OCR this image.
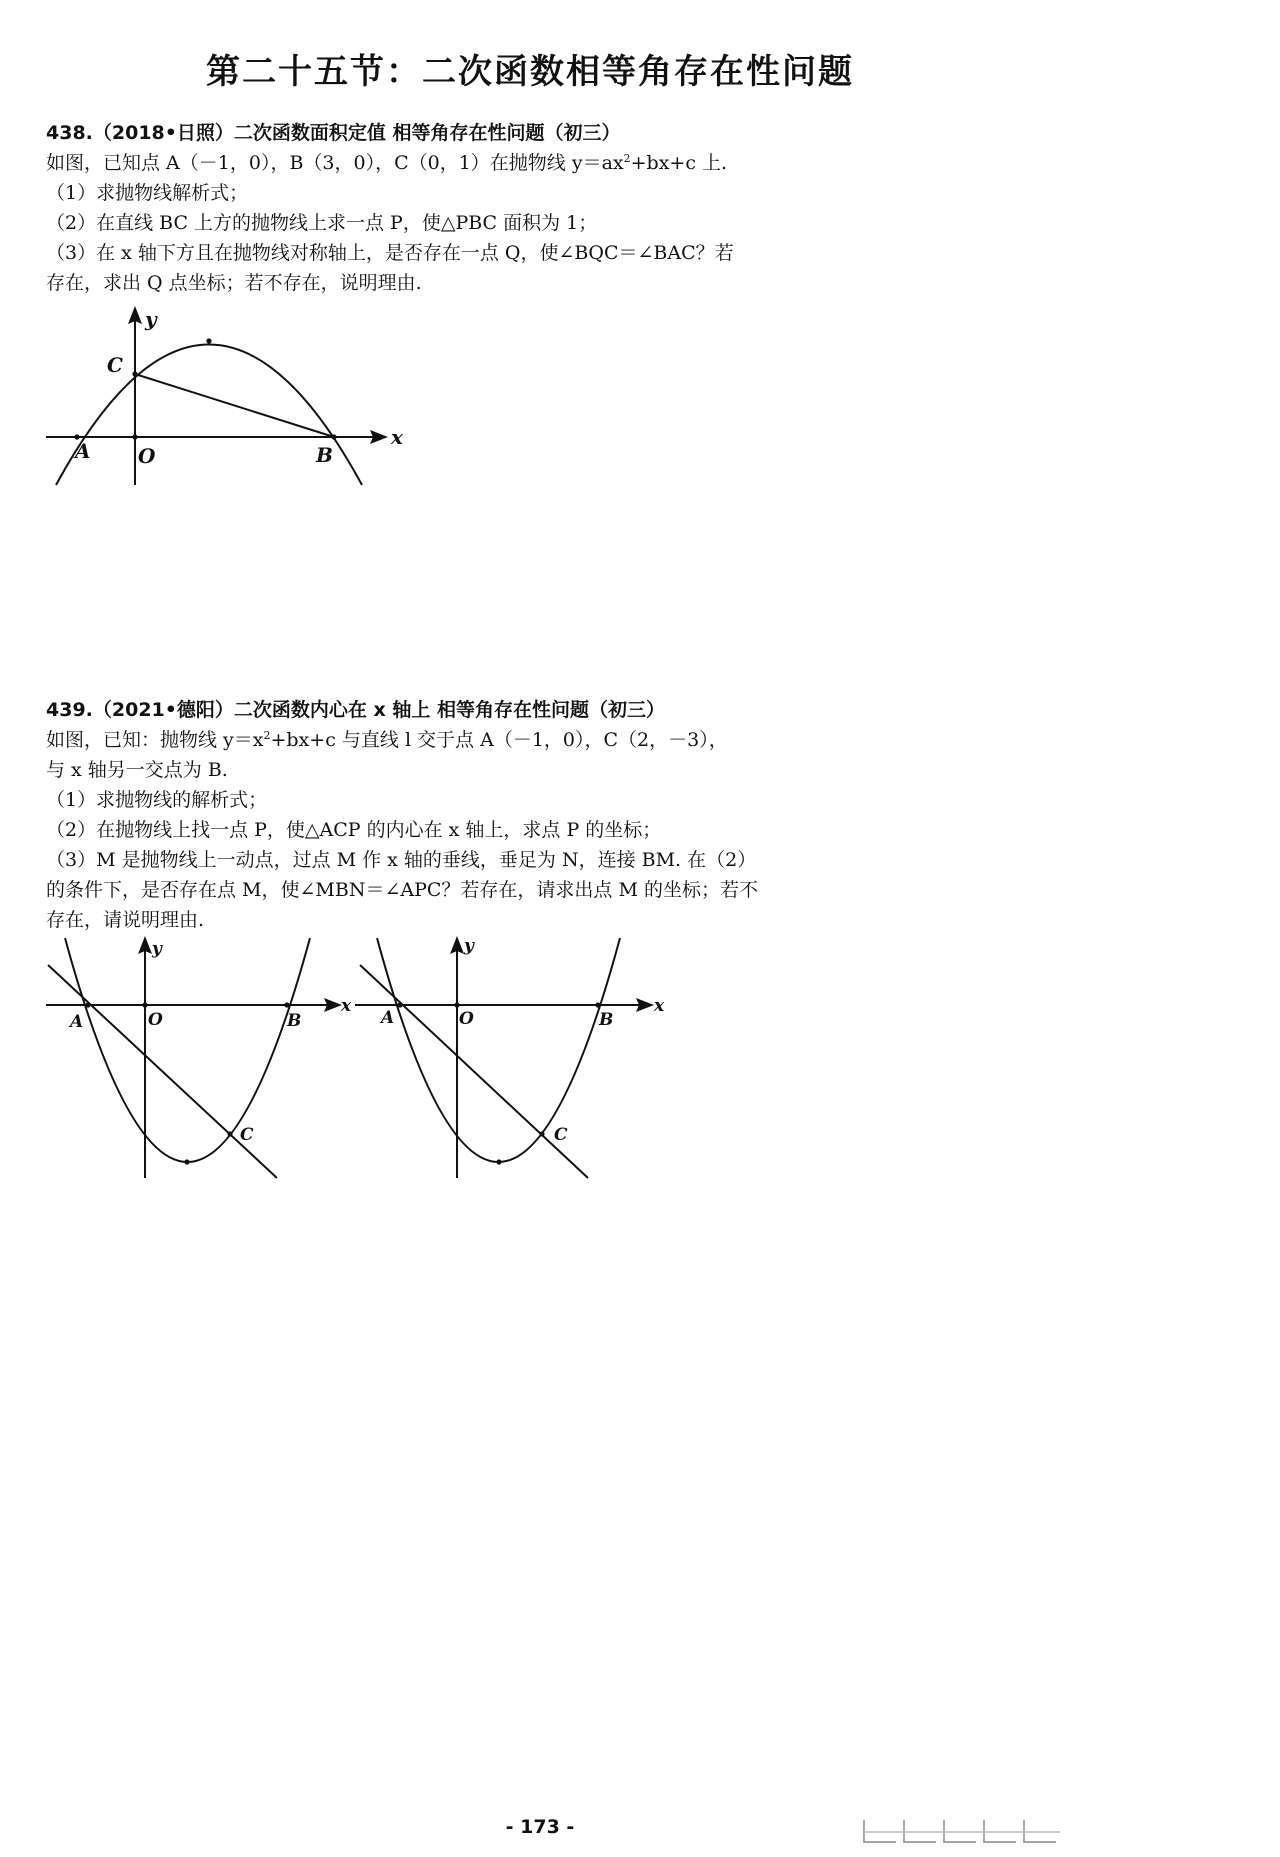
第二十五节：二次函数相等角存在性问题

438.（2018•日照）二次函数面积定值 相等角存在性问题（初三）

如图，已知点 A（－1，0），B（3，0），C（0，1）在抛物线 $y=ax^2+bx+c$ 上.

（1）求抛物线解析式；

（2）在直线 BC 上方的抛物线上求一点 P，使△PBC 面积为 1；

（3）在 x 轴下方且在抛物线对称轴上，是否存在一点 Q，使∠BQC＝∠BAC？若

存在，求出 Q 点坐标；若不存在，说明理由.

y
x
C
A O	B

439.（2021•德阳）二次函数内心在 x 轴上 相等角存在性问题（初三）

如图，已知：抛物线 $y=x^2+bx+c$ 与直线 l 交于点 A（－1，0），C（2，－3），

与 x 轴另一交点为 B.

（1）求抛物线的解析式；

（2）在抛物线上找一点 P，使△ACP 的内心在 x 轴上，求点 P 的坐标；

（3）M 是抛物线上一动点，过点 M 作 x 轴的垂线，垂足为 N，连接 BM. 在（2）

的条件下，是否存在点 M，使∠MBN＝∠APC？若存在，请求出点 M 的坐标；若不

存在，请说明理由.

y
x
A	O	B
C
y
x
A	O	B
C
- 173 -
